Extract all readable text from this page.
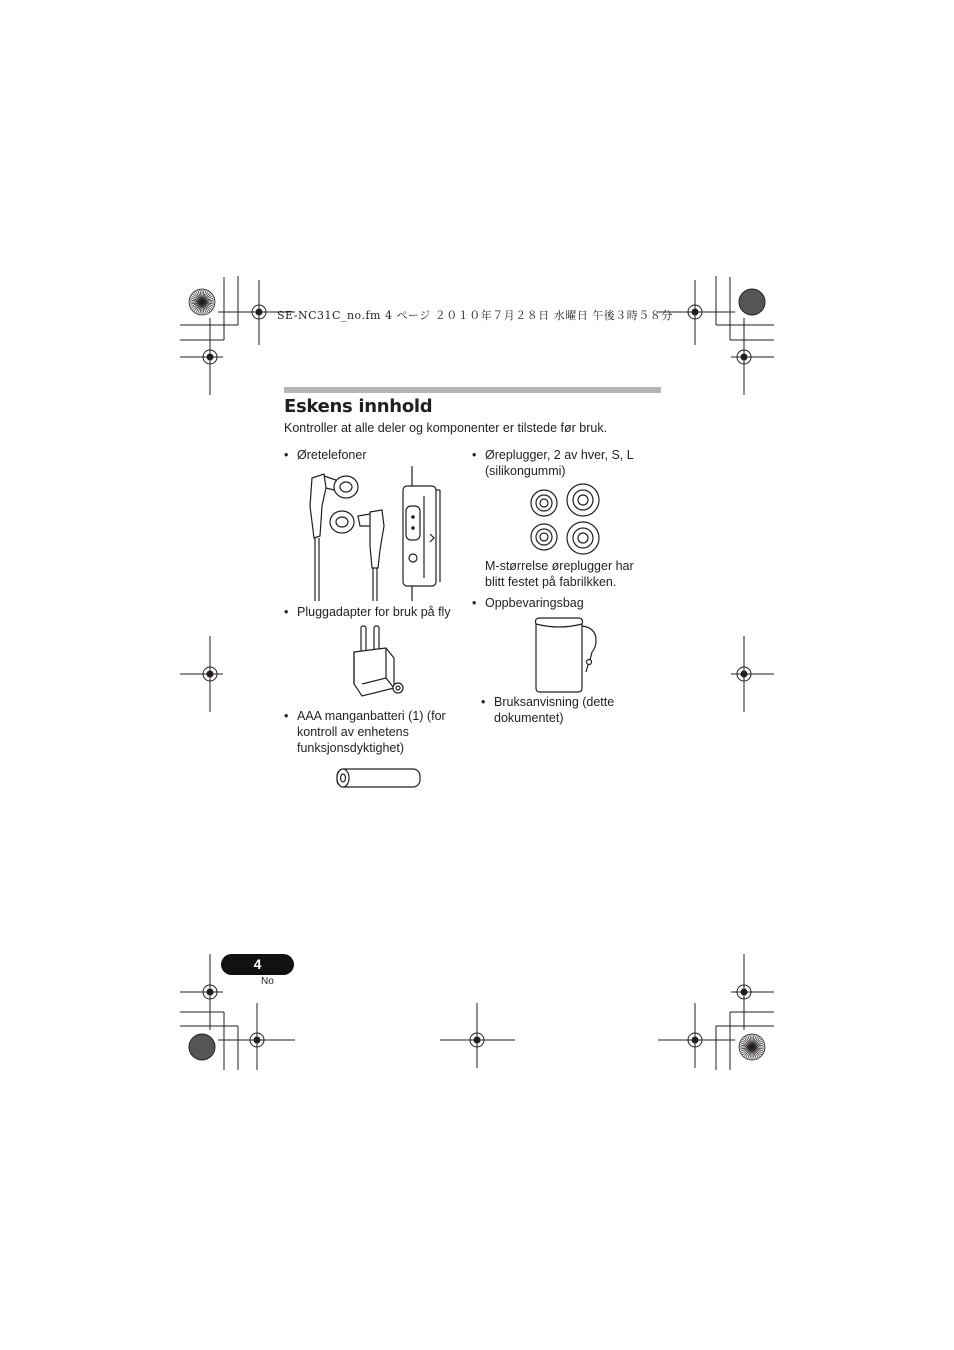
SE-NC31C_no.fm 4 ページ ２０１０年７月２８日 水曜日 午後３時５８分
Eskens innhold
Kontroller at alle deler og komponenter er tilstede før bruk.
• Øretelefoner
• Pluggadapter for bruk på fly
• AAA manganbatteri (1) (for kontroll av enhetens funksjonsdyktighet)
• Øreplugger, 2 av hver, S, L (silikongummi)
M-størrelse øreplugger har blitt festet på fabrilkken.
• Oppbevaringsbag
• Bruksanvisning (dette dokumentet)
4
No
